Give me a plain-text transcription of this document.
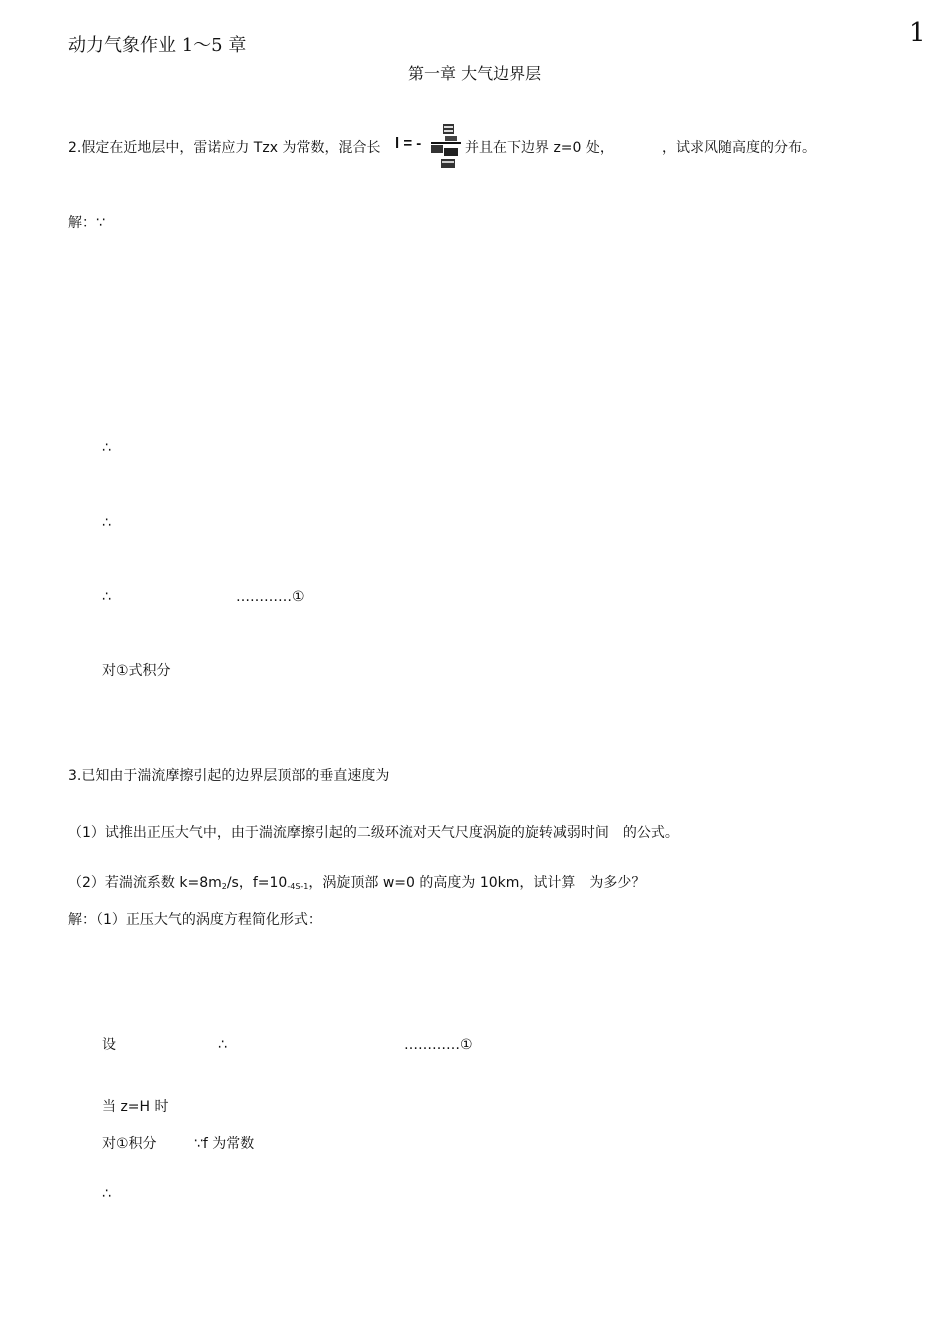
动力气象作业 1～5 章	1
第一章 大气边界层
2.假定在近地层中，雷诺应力 Tzx 为常数，混合长 l = -	并且在下边界 z=0 处，	，试求风随高度的分布。
解：∵
∴
∴
∴	…………①
对①式积分
3.已知由于湍流摩擦引起的边界层顶部的垂直速度为
（1）试推出正压大气中，由于湍流摩擦引起的二级环流对天气尺度涡旋的旋转减弱时间　的公式。
（2）若湍流系数 k=8m2/s，f=10-4S-1，涡旋顶部 w=0 的高度为 10km，试计算　为多少？
解：（1）正压大气的涡度方程简化形式：
设	∴	…………①
当 z=H 时
对①积分	∵f 为常数
∴
